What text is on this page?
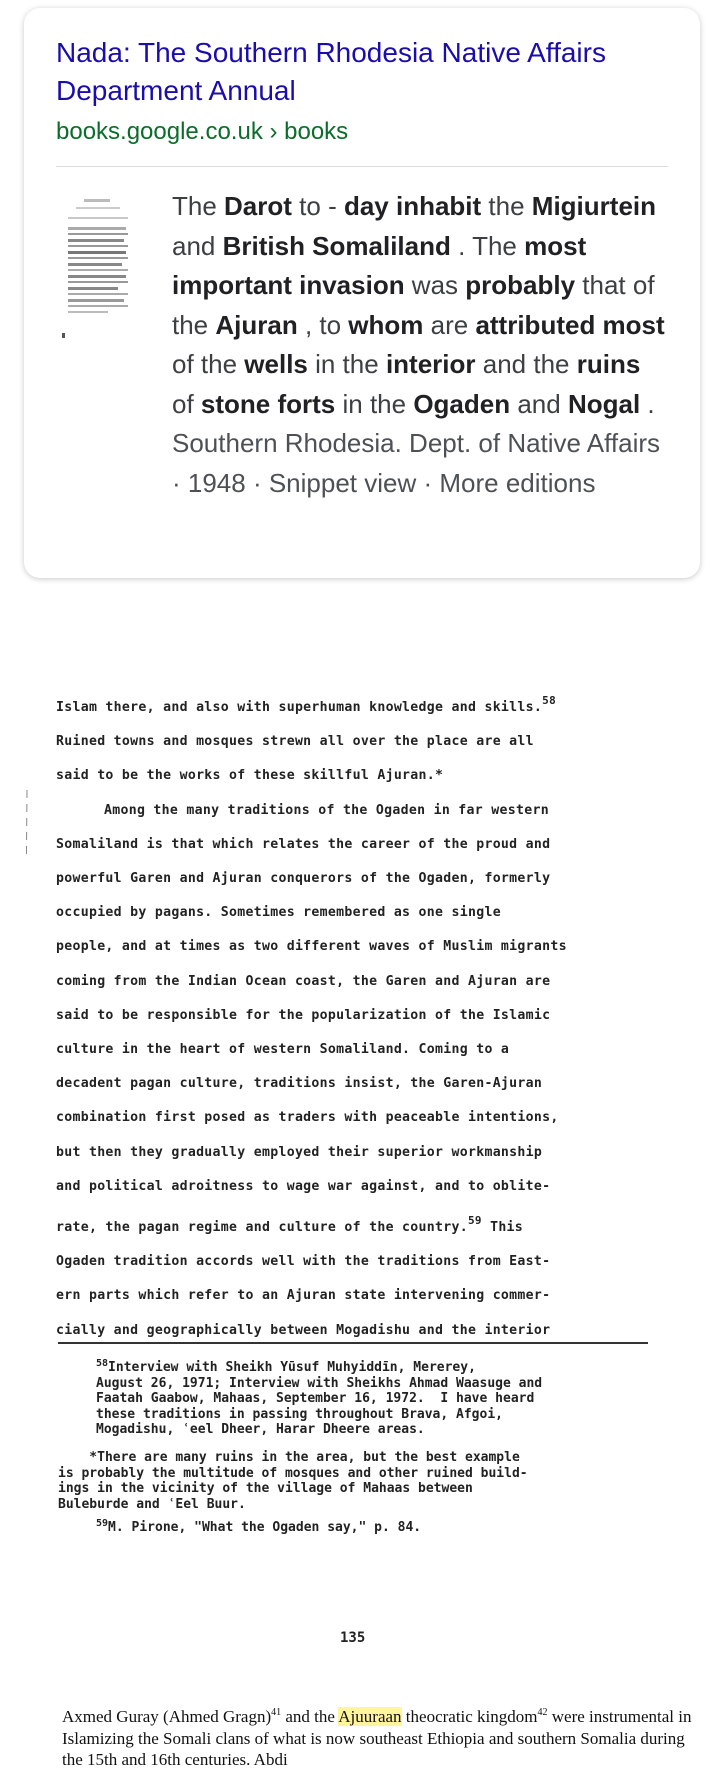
Nada: The Southern Rhodesia Native Affairs
Department Annual
books.google.co.uk › books
The Darot to - day inhabit the Migiurtein and British Somaliland . The most important invasion was probably that of the Ajuran , to whom are attributed most of the wells in the interior and the ruins of stone forts in the Ogaden and Nogal .
Southern Rhodesia. Dept. of Native Affairs · 1948 · Snippet view · More editions
Islam there, and also with superhuman knowledge and skills.$^{58}$
Ruined towns and mosques strewn all over the place are all
said to be the works of these skillful Ajuran.*
Among the many traditions of the Ogaden in far western
Somaliland is that which relates the career of the proud and
powerful Garen and Ajuran conquerors of the Ogaden, formerly
occupied by pagans. Sometimes remembered as one single
people, and at times as two different waves of Muslim migrants
coming from the Indian Ocean coast, the Garen and Ajuran are
said to be responsible for the popularization of the Islamic
culture in the heart of western Somaliland. Coming to a
decadent pagan culture, traditions insist, the Garen-Ajuran
combination first posed as traders with peaceable intentions,
but then they gradually employed their superior workmanship
and political adroitness to wage war against, and to oblite-
rate, the pagan regime and culture of the country.$^{59}$ This
Ogaden tradition accords well with the traditions from East-
ern parts which refer to an Ajuran state intervening commer-
cially and geographically between Mogadishu and the interior
$^{58}$Interview with Sheikh Yūsuf Muhyiddīn, Mererey,
August 26, 1971; Interview with Sheikhs Ahmad Waasuge and
Faatah Gaabow, Mahaas, September 16, 1972.  I have heard
these traditions in passing throughout Brava, Afgoi,
Mogadishu, ʿeel Dheer, Harar Dheere areas.
*There are many ruins in the area, but the best example
is probably the multitude of mosques and other ruined build-
ings in the vicinity of the village of Mahaas between
Buleburde and ʿEel Buur.
$^{59}$M. Pirone, "What the Ogaden say," p. 84.
135
Axmed Guray (Ahmed Gragn)$^{41}$ and the Ajuuraan theocratic kingdom$^{42}$ were instrumental in Islamizing the Somali clans of what is now southeast Ethiopia and southern Somalia during the 15th and 16th centuries. Abdi
